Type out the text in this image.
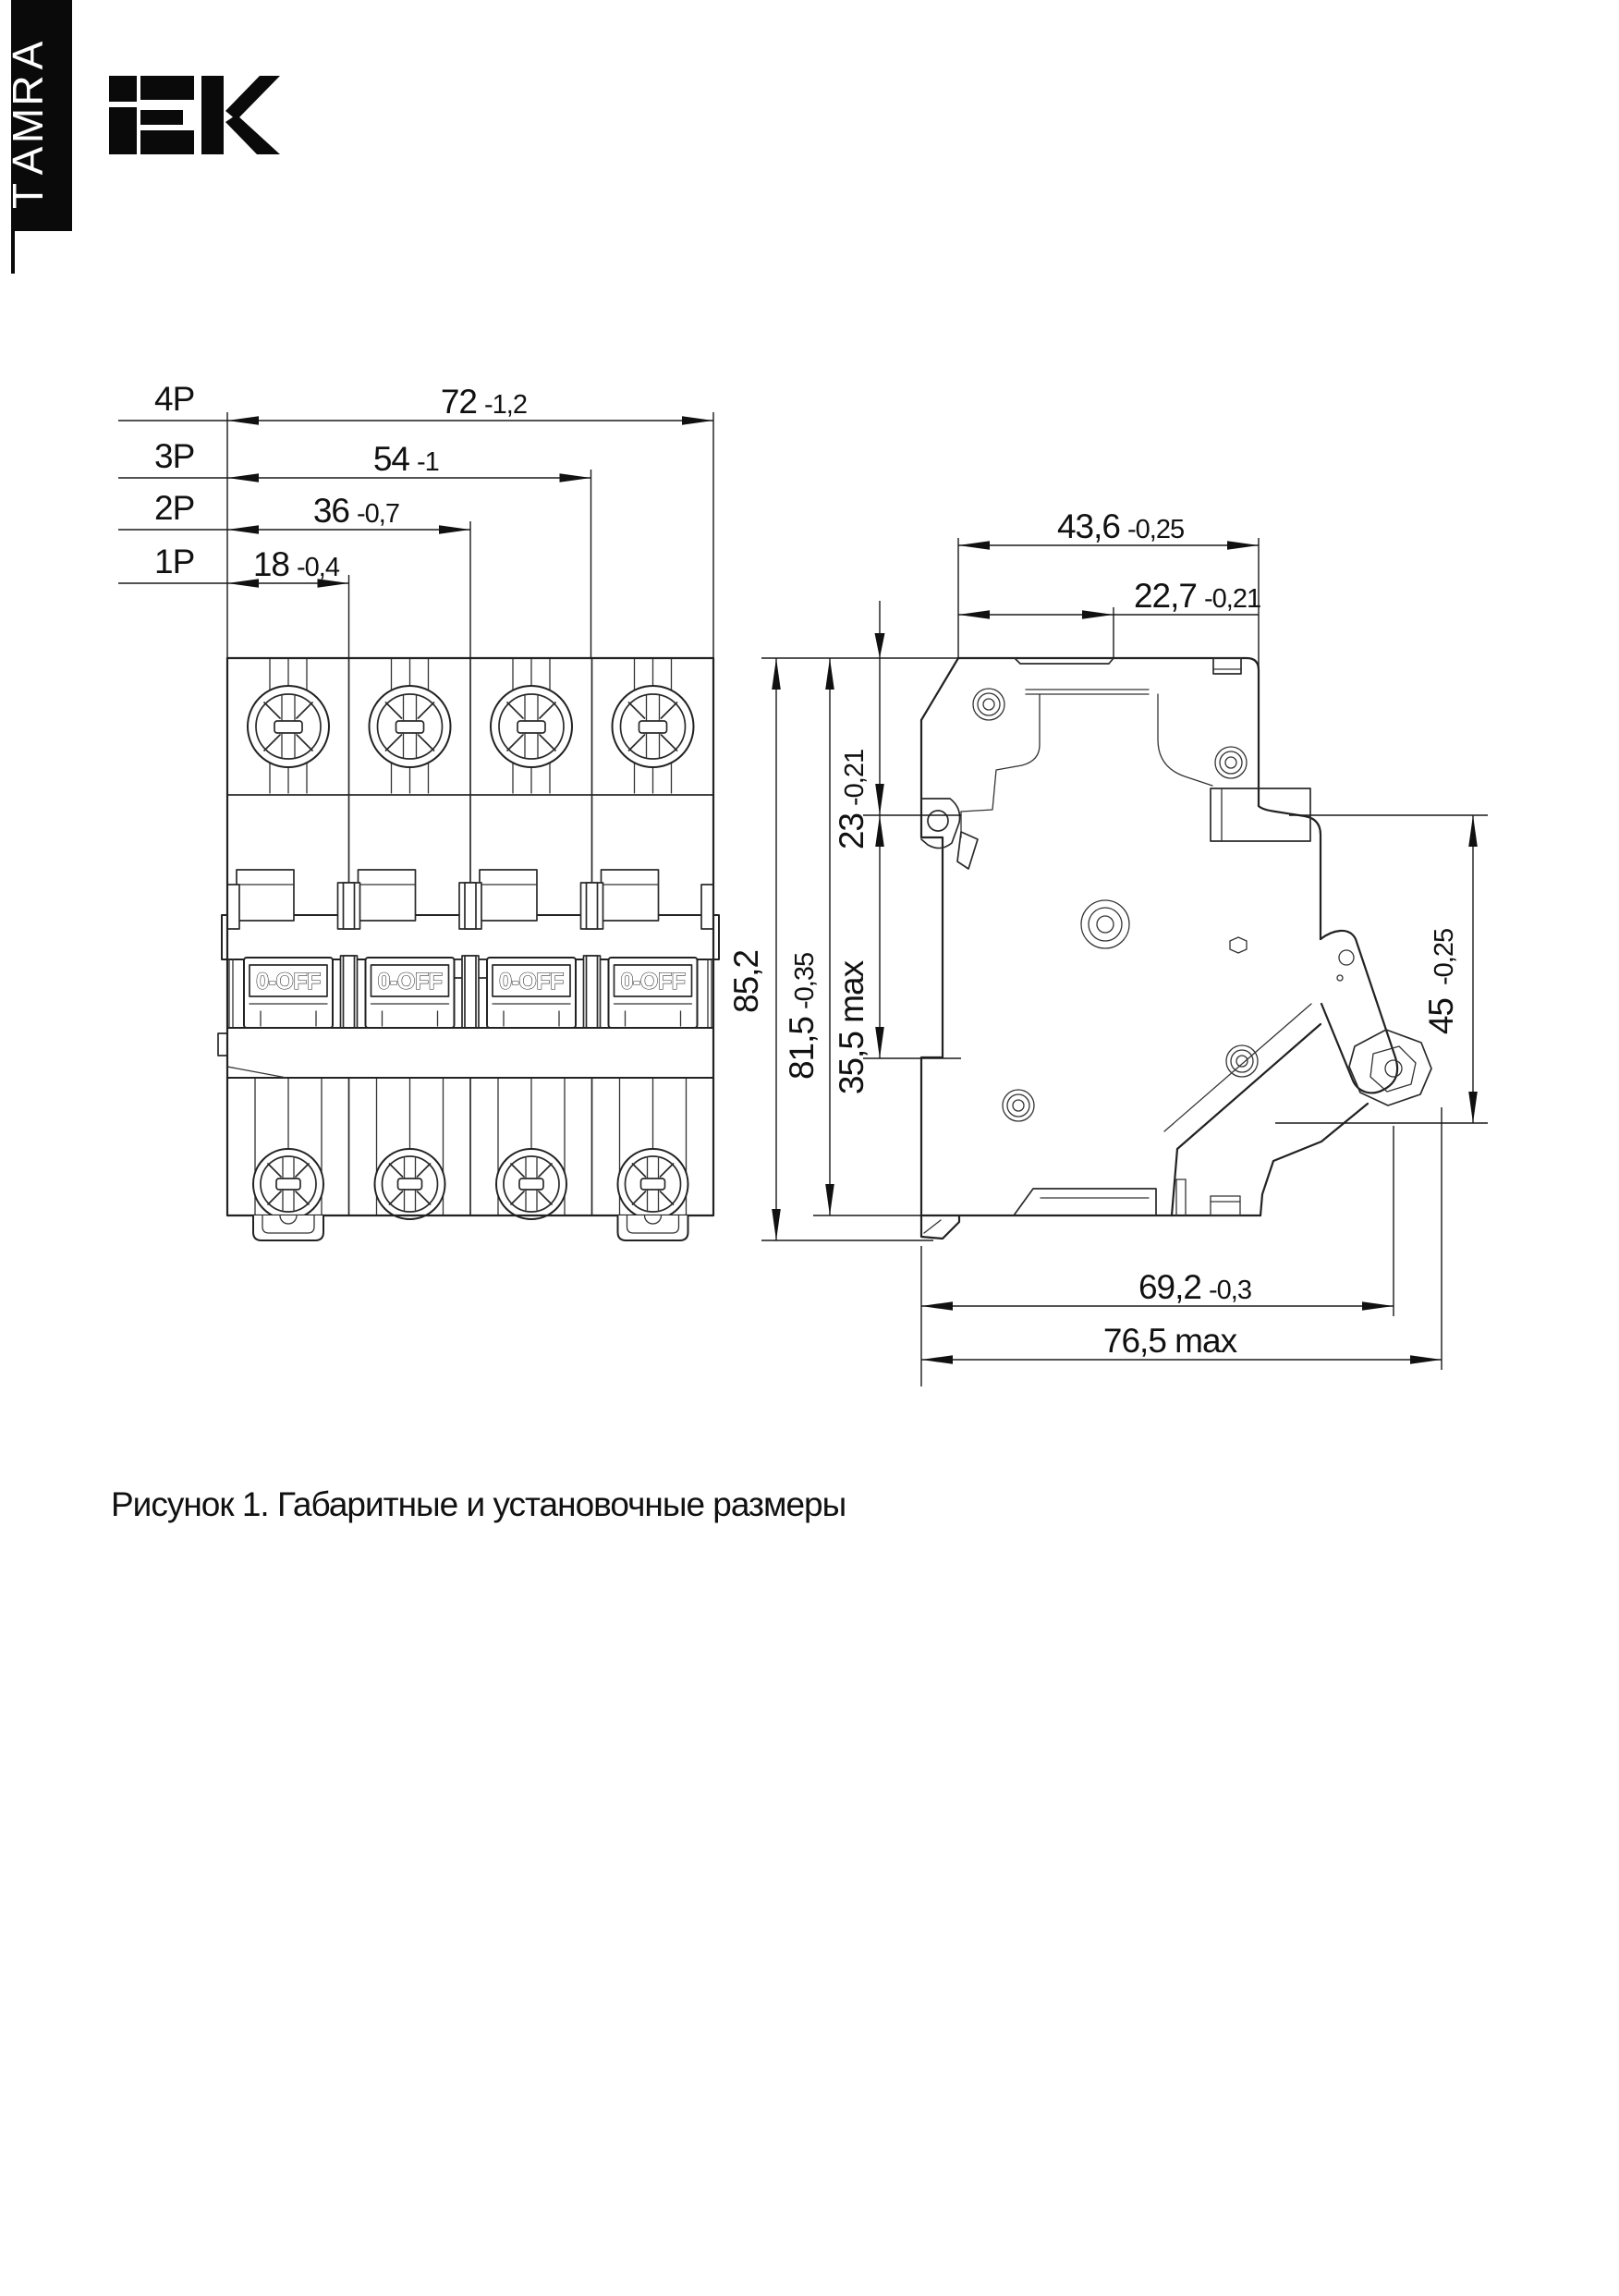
A
R
M
A
T
4P
3P
2P
1P
72 -1,2
54 -1
36 -0,7
18 -0,4
43,6 -0,25
22,7 -0,21
85,2
81,5
-0,35
23
-0,21
35,5 max	45
-0,25
69,2 -0,3
76,5 max
Рисунок 1. Габаритные и установочные размеры
